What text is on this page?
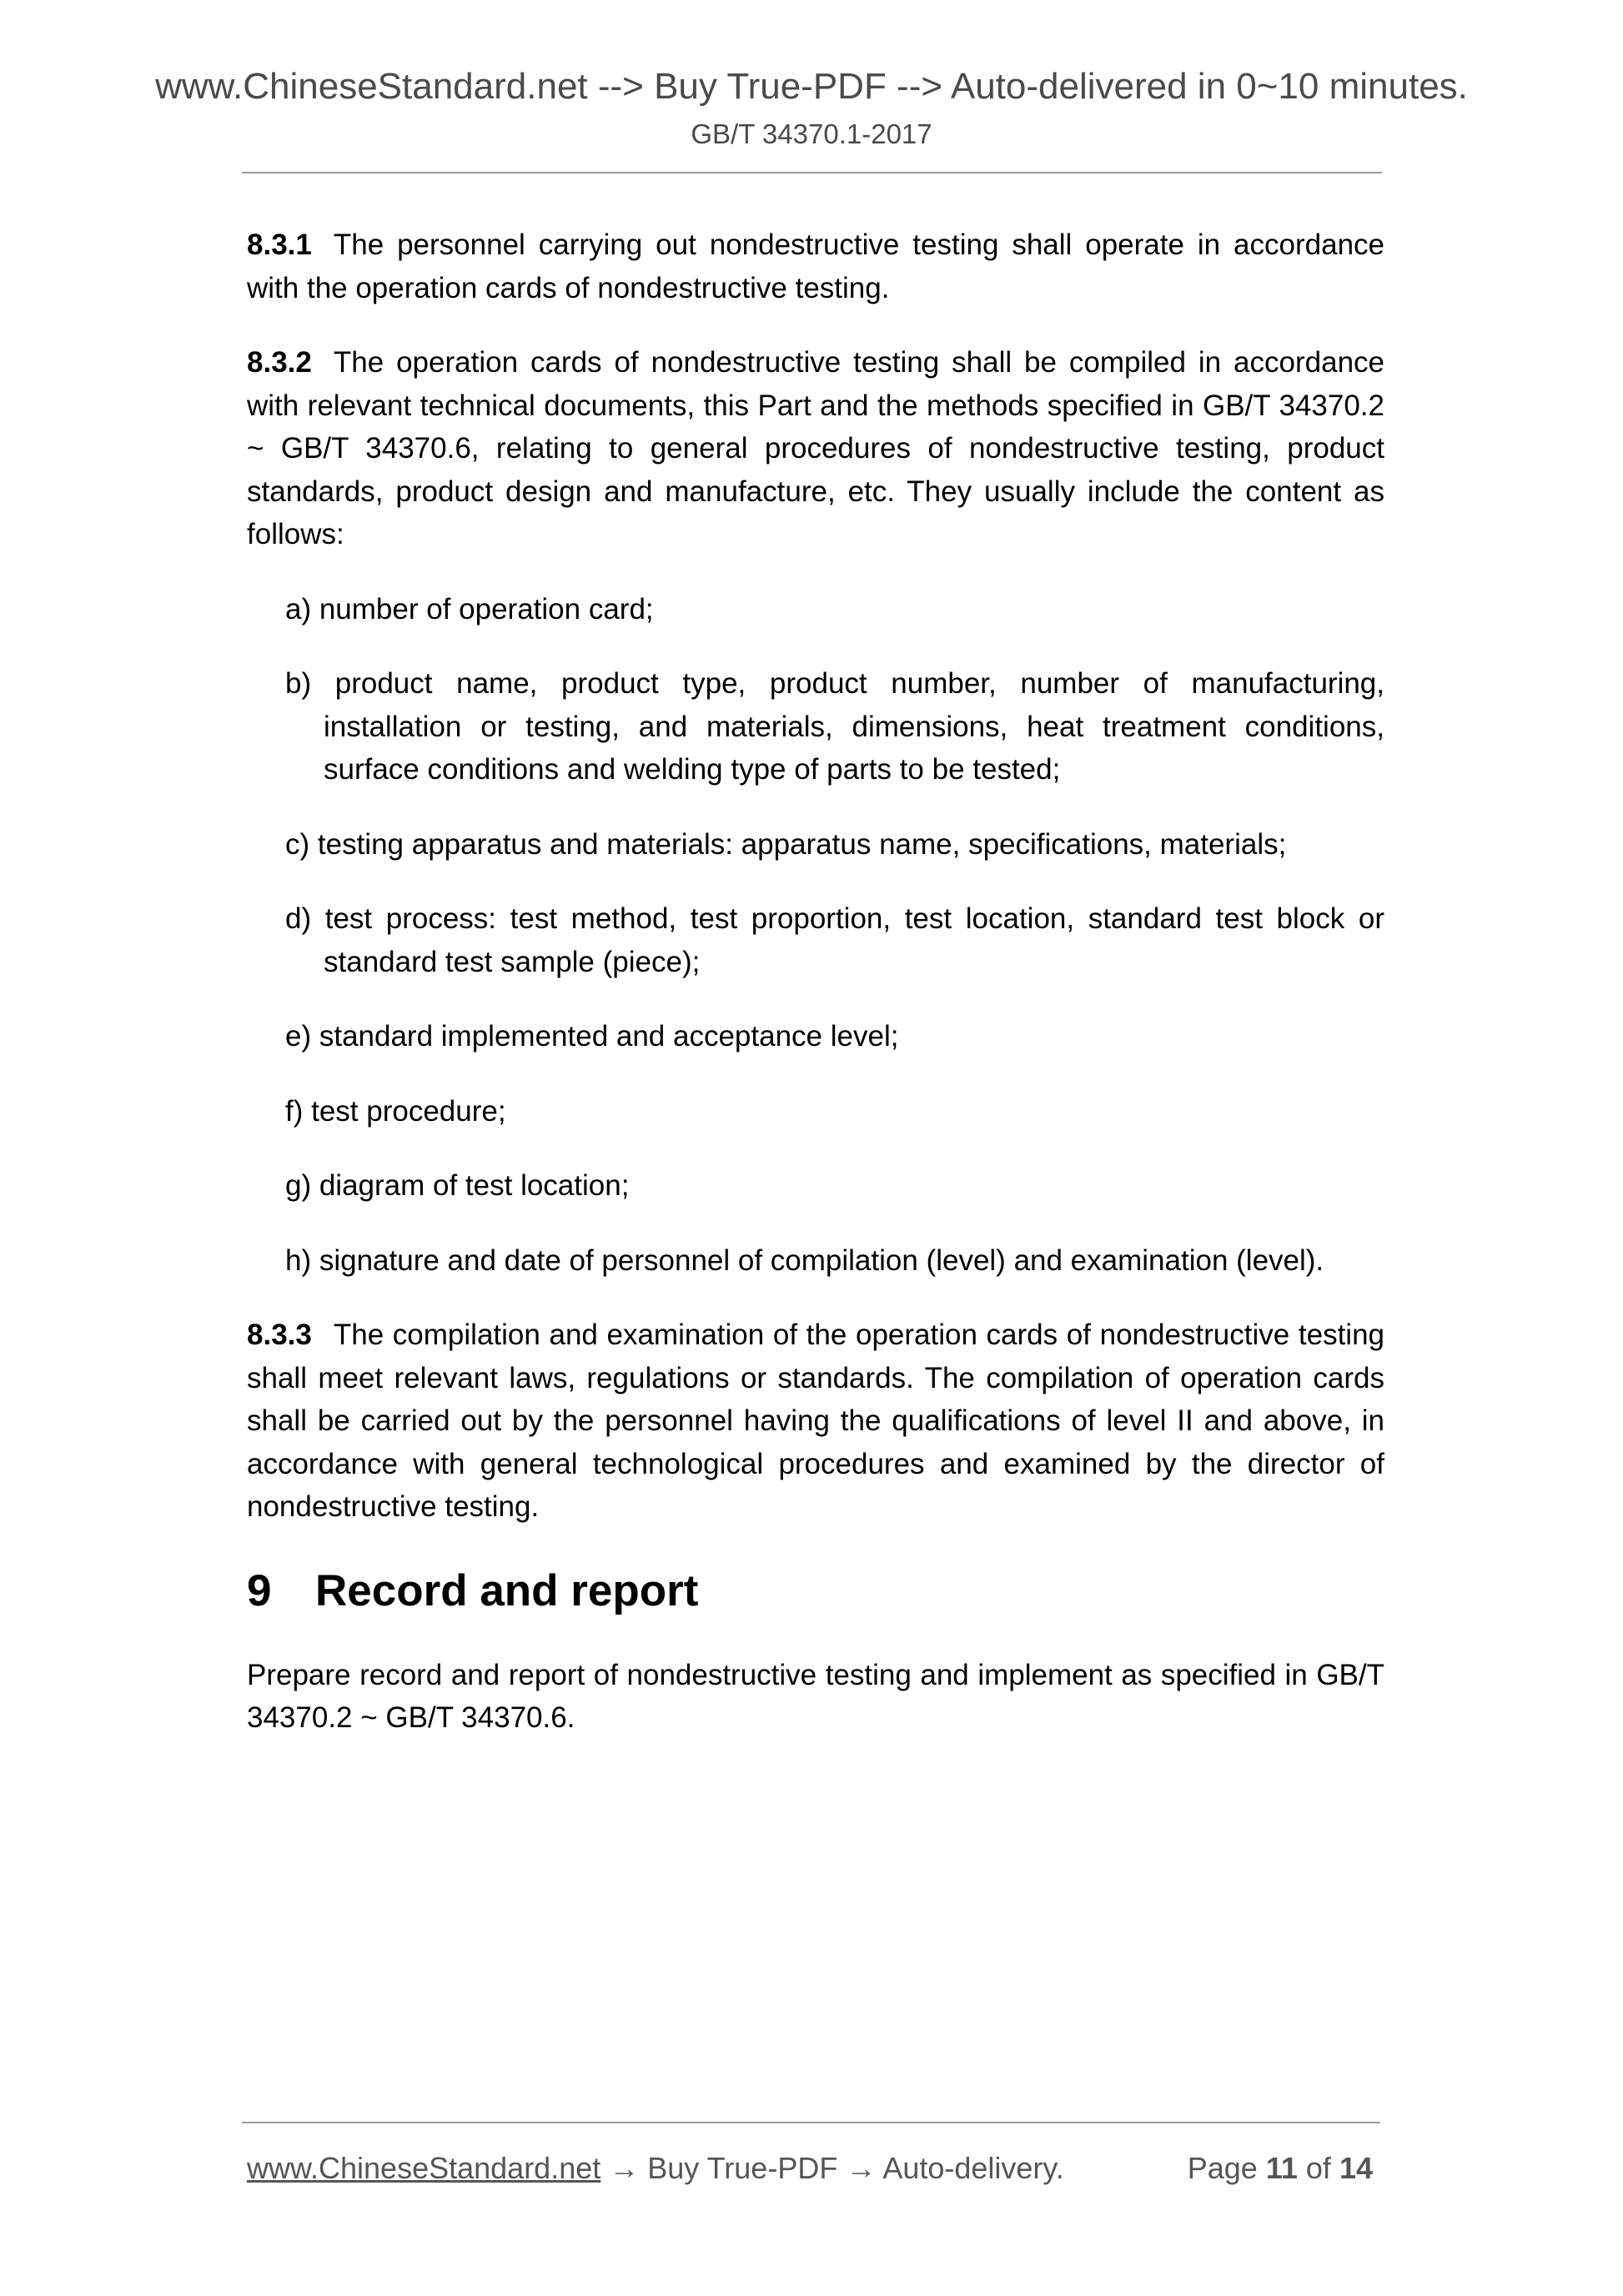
www.ChineseStandard.net --> Buy True-PDF --> Auto-delivered in 0~10 minutes.
GB/T 34370.1-2017

8.3.1 The personnel carrying out nondestructive testing shall operate in accordance with the operation cards of nondestructive testing.

8.3.2 The operation cards of nondestructive testing shall be compiled in accordance with relevant technical documents, this Part and the methods specified in GB/T 34370.2 ~ GB/T 34370.6, relating to general procedures of nondestructive testing, product standards, product design and manufacture, etc. They usually include the content as follows:

a) number of operation card;

b) product name, product type, product number, number of manufacturing, installation or testing, and materials, dimensions, heat treatment conditions, surface conditions and welding type of parts to be tested;

c) testing apparatus and materials: apparatus name, specifications, materials;

d) test process: test method, test proportion, test location, standard test block or standard test sample (piece);

e) standard implemented and acceptance level;

f) test procedure;

g) diagram of test location;

h) signature and date of personnel of compilation (level) and examination (level).

8.3.3 The compilation and examination of the operation cards of nondestructive testing shall meet relevant laws, regulations or standards. The compilation of operation cards shall be carried out by the personnel having the qualifications of level II and above, in accordance with general technological procedures and examined by the director of nondestructive testing.

9 Record and report

Prepare record and report of nondestructive testing and implement as specified in GB/T 34370.2 ~ GB/T 34370.6.

www.ChineseStandard.net → Buy True-PDF → Auto-delivery.	Page 11 of 14
